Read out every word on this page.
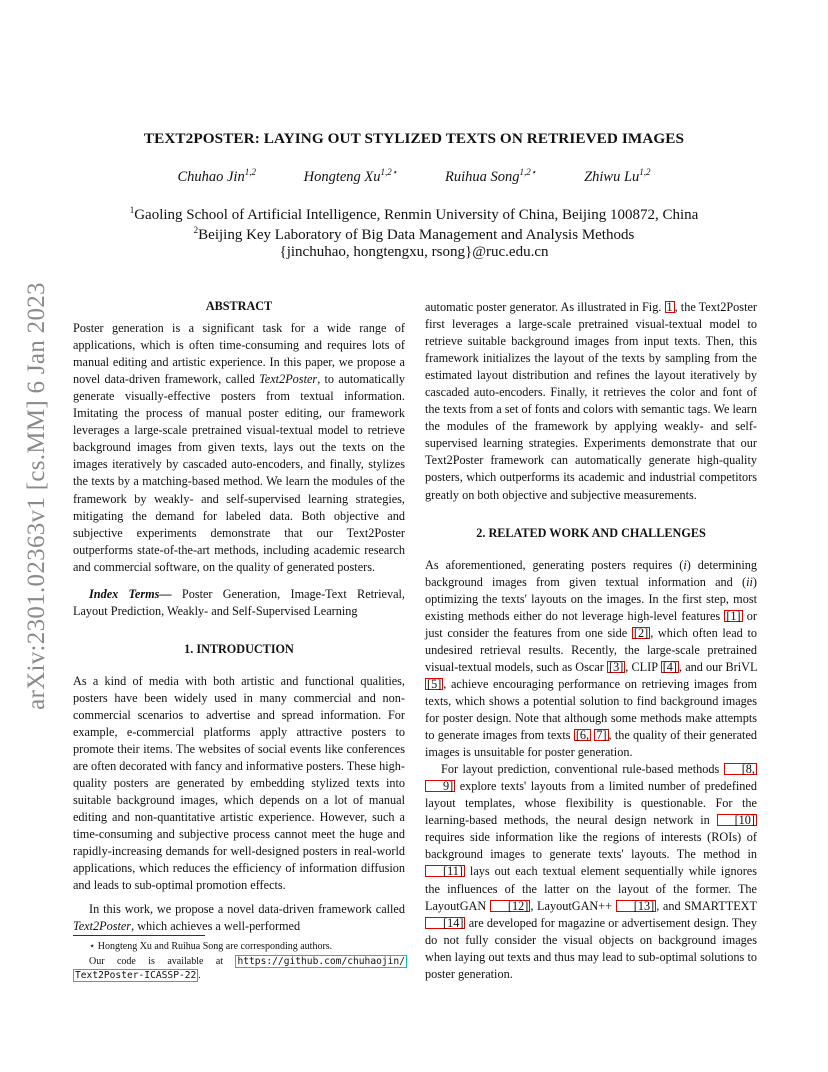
TEXT2POSTER: LAYING OUT STYLIZED TEXTS ON RETRIEVED IMAGES
Chuhao Jin$^{1,2}$	Hongteng $Xu^{1,2⋆}$	Ruihua Song$^{1,2⋆}$	Zhiwu Lu$^{1,2}$
$^1$Gaoling School of Artificial Intelligence, Renmin University of China, Beijing 100872, China
$^2$Beijing Key Laboratory of Big Data Management and Analysis Methods
{jinchuhao, hongtengxu, rsong}@ruc.edu.cn
arXiv:2301.02363v1 [cs.MM] 6 Jan 2023	ABSTRACT

Poster generation is a significant task for a wide range of applications, which is often time-consuming and requires lots of manual editing and artistic experience. In this paper, we propose a novel data-driven framework, called Text2Poster, to automatically generate visually-effective posters from textual information. Imitating the process of manual poster editing, our framework leverages a large-scale pretrained visual-textual model to retrieve background images from given texts, lays out the texts on the images iteratively by cascaded auto-encoders, and finally, stylizes the texts by a matching-based method. We learn the modules of the framework by weakly- and self-supervised learning strategies, mitigating the demand for labeled data. Both objective and subjective experiments demonstrate that our Text2Poster outperforms state-of-the-art methods, including academic research and commercial software, on the quality of generated posters.

Index Terms— Poster Generation, Image-Text Retrieval, Layout Prediction, Weakly- and Self-Supervised Learning

1. INTRODUCTION

As a kind of media with both artistic and functional qualities, posters have been widely used in many commercial and non-commercial scenarios to advertise and spread information. For example, e-commercial platforms apply attractive posters to promote their items. The websites of social events like conferences are often decorated with fancy and informative posters. These high-quality posters are generated by embedding stylized texts into suitable background images, which depends on a lot of manual editing and non-quantitative artistic experience. However, such a time-consuming and subjective process cannot meet the huge and rapidly-increasing demands for well-designed posters in real-world applications, which reduces the efficiency of information diffusion and leads to sub-optimal promotion effects.

In this work, we propose a novel data-driven framework called Text2Poster, which achieves a well-performed

⋆ Hongteng Xu and Ruihua Song are corresponding authors.
Our code is available at https://github.com/chuhaojin/
Text2Poster-ICASSP-22 .

automatic poster generator. As illustrated in Fig. 1 , the Text2Poster first leverages a large-scale pretrained visual-textual model to retrieve suitable background images from input texts. Then, this framework initializes the layout of the texts by sampling from the estimated layout distribution and refines the layout iteratively by cascaded auto-encoders. Finally, it retrieves the color and font of the texts from a set of fonts and colors with semantic tags. We learn the modules of the framework by applying weakly- and self-supervised learning strategies. Experiments demonstrate that our Text2Poster framework can automatically generate high-quality posters, which outperforms its academic and industrial competitors greatly on both objective and subjective measurements.

2. RELATED WORK AND CHALLENGES

As aforementioned, generating posters requires (i) determining background images from given textual information and (ii) optimizing the texts' layouts on the images. In the first step, most existing methods either do not leverage high-level features [1] or just consider the features from one side [2] , which often lead to undesired retrieval results. Recently, the large-scale pretrained visual-textual models, such as Oscar [3] , CLIP [4] , and our BriVL [5] , achieve encouraging performance on retrieving images from texts, which shows a potential solution to find background images for poster design. Note that although some methods make attempts to generate images from texts [6, 7] , the quality of their generated images is unsuitable for poster generation.

For layout prediction, conventional rule-based methods [8, 9] explore texts' layouts from a limited number of predefined layout templates, whose flexibility is questionable. For the learning-based methods, the neural design network in [10] requires side information like the regions of interests (ROIs) of background images to generate texts' layouts. The method in [11] lays out each textual element sequentially while ignores the influences of the latter on the layout of the former. The LayoutGAN [12] , LayoutGAN++ [13] , and SMARTTEXT [14] are developed for magazine or advertisement design. They do not fully consider the visual objects on background images when laying out texts and thus may lead to sub-optimal solutions to poster generation.
